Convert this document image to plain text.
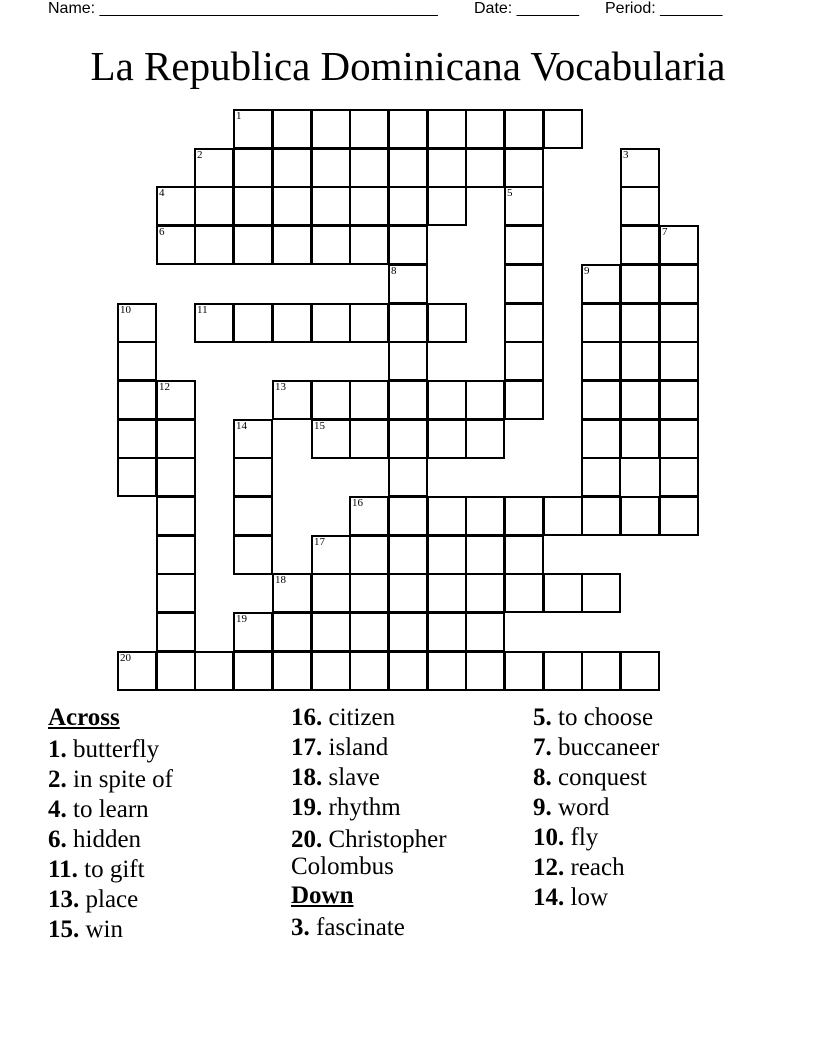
Name: ______________________________________ Date: _______ Period: _______
La Republica Dominicana Vocabularia
1
2	3
4	5
6	7
8	9
10	11
12	13
14	15
16
17
18
19
20
Across
1. butterfly
2. in spite of
4. to learn
6. hidden
11. to gift
13. place
15. win
16. citizen
17. island
18. slave
19. rhythm
20. Christopher Colombus
Down
3. fascinate
5. to choose
7. buccaneer
8. conquest
9. word
10. fly
12. reach
14. low
